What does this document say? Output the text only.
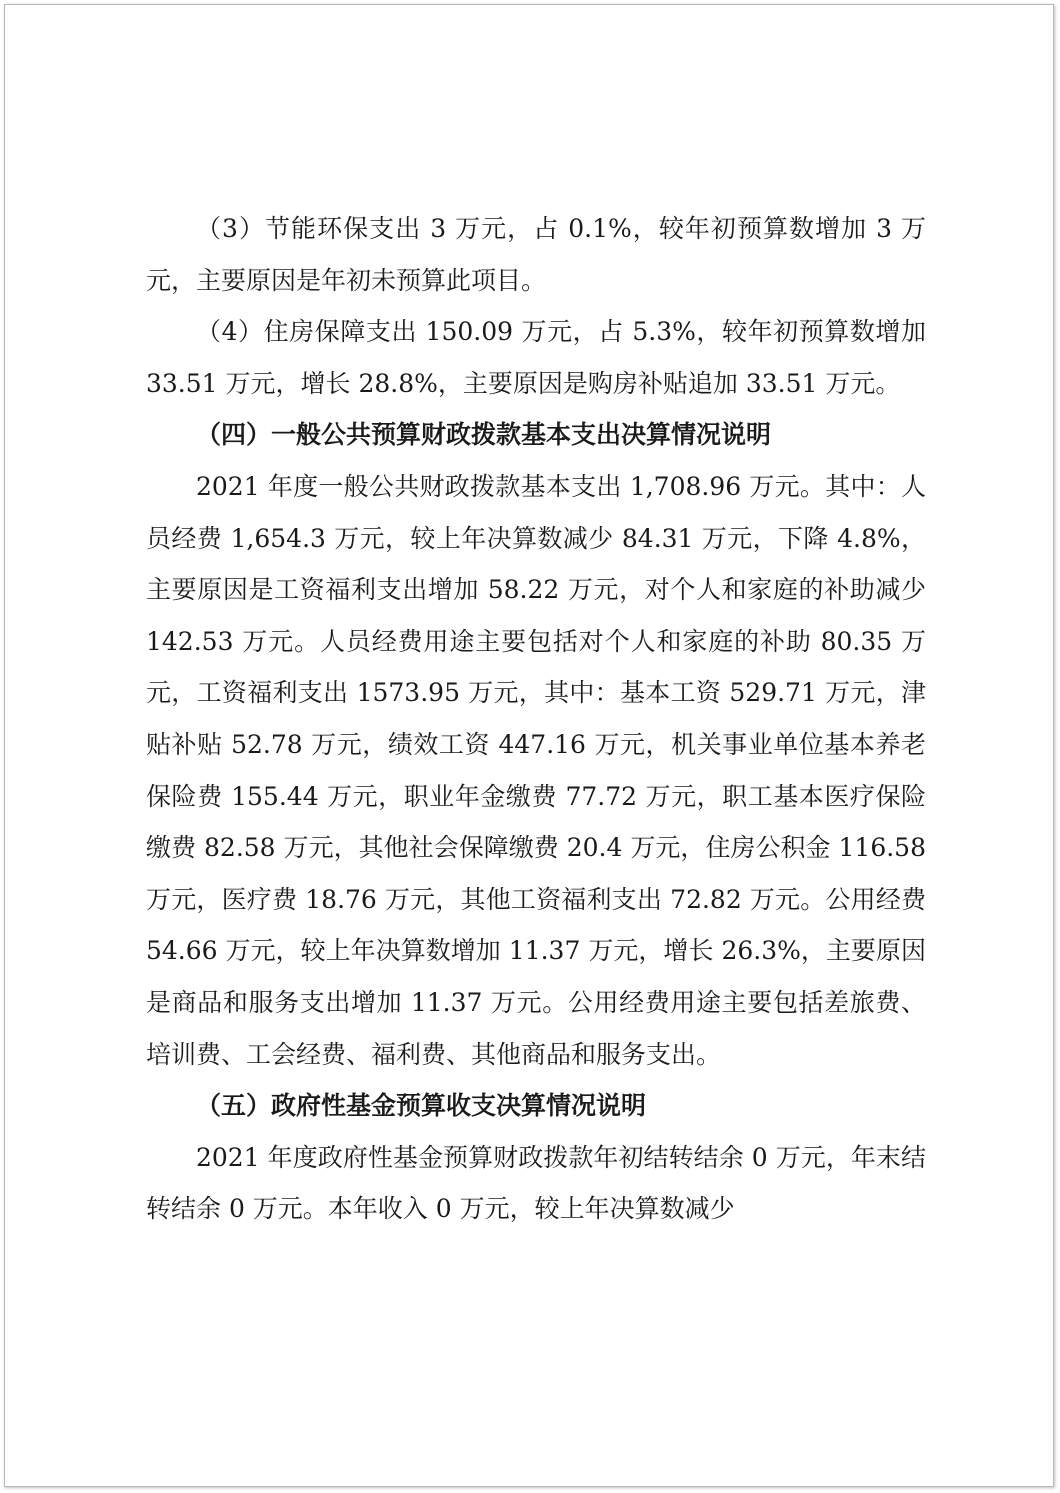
（3）节能环保支出 3 万元，占 0.1%，较年初预算数增加 3 万元，主要原因是年初未预算此项目。

（4）住房保障支出 150.09 万元，占 5.3%，较年初预算数增加 33.51 万元，增长 28.8%，主要原因是购房补贴追加 33.51 万元。

（四）一般公共预算财政拨款基本支出决算情况说明

2021 年度一般公共财政拨款基本支出 1,708.96 万元。其中：人员经费 1,654.3 万元，较上年决算数减少 84.31 万元，下降 4.8%，主要原因是工资福利支出增加 58.22 万元，对个人和家庭的补助减少 142.53 万元。人员经费用途主要包括对个人和家庭的补助 80.35 万元，工资福利支出 1573.95 万元，其中：基本工资 529.71 万元，津贴补贴 52.78 万元，绩效工资 447.16 万元，机关事业单位基本养老保险费 155.44 万元，职业年金缴费 77.72 万元，职工基本医疗保险缴费 82.58 万元，其他社会保障缴费 20.4 万元，住房公积金 116.58 万元，医疗费 18.76 万元，其他工资福利支出 72.82 万元。公用经费 54.66 万元，较上年决算数增加 11.37 万元，增长 26.3%，主要原因是商品和服务支出增加 11.37 万元。公用经费用途主要包括差旅费、培训费、工会经费、福利费、其他商品和服务支出。

（五）政府性基金预算收支决算情况说明

2021 年度政府性基金预算财政拨款年初结转结余 0 万元，年末结转结余 0 万元。本年收入 0 万元，较上年决算数减少
